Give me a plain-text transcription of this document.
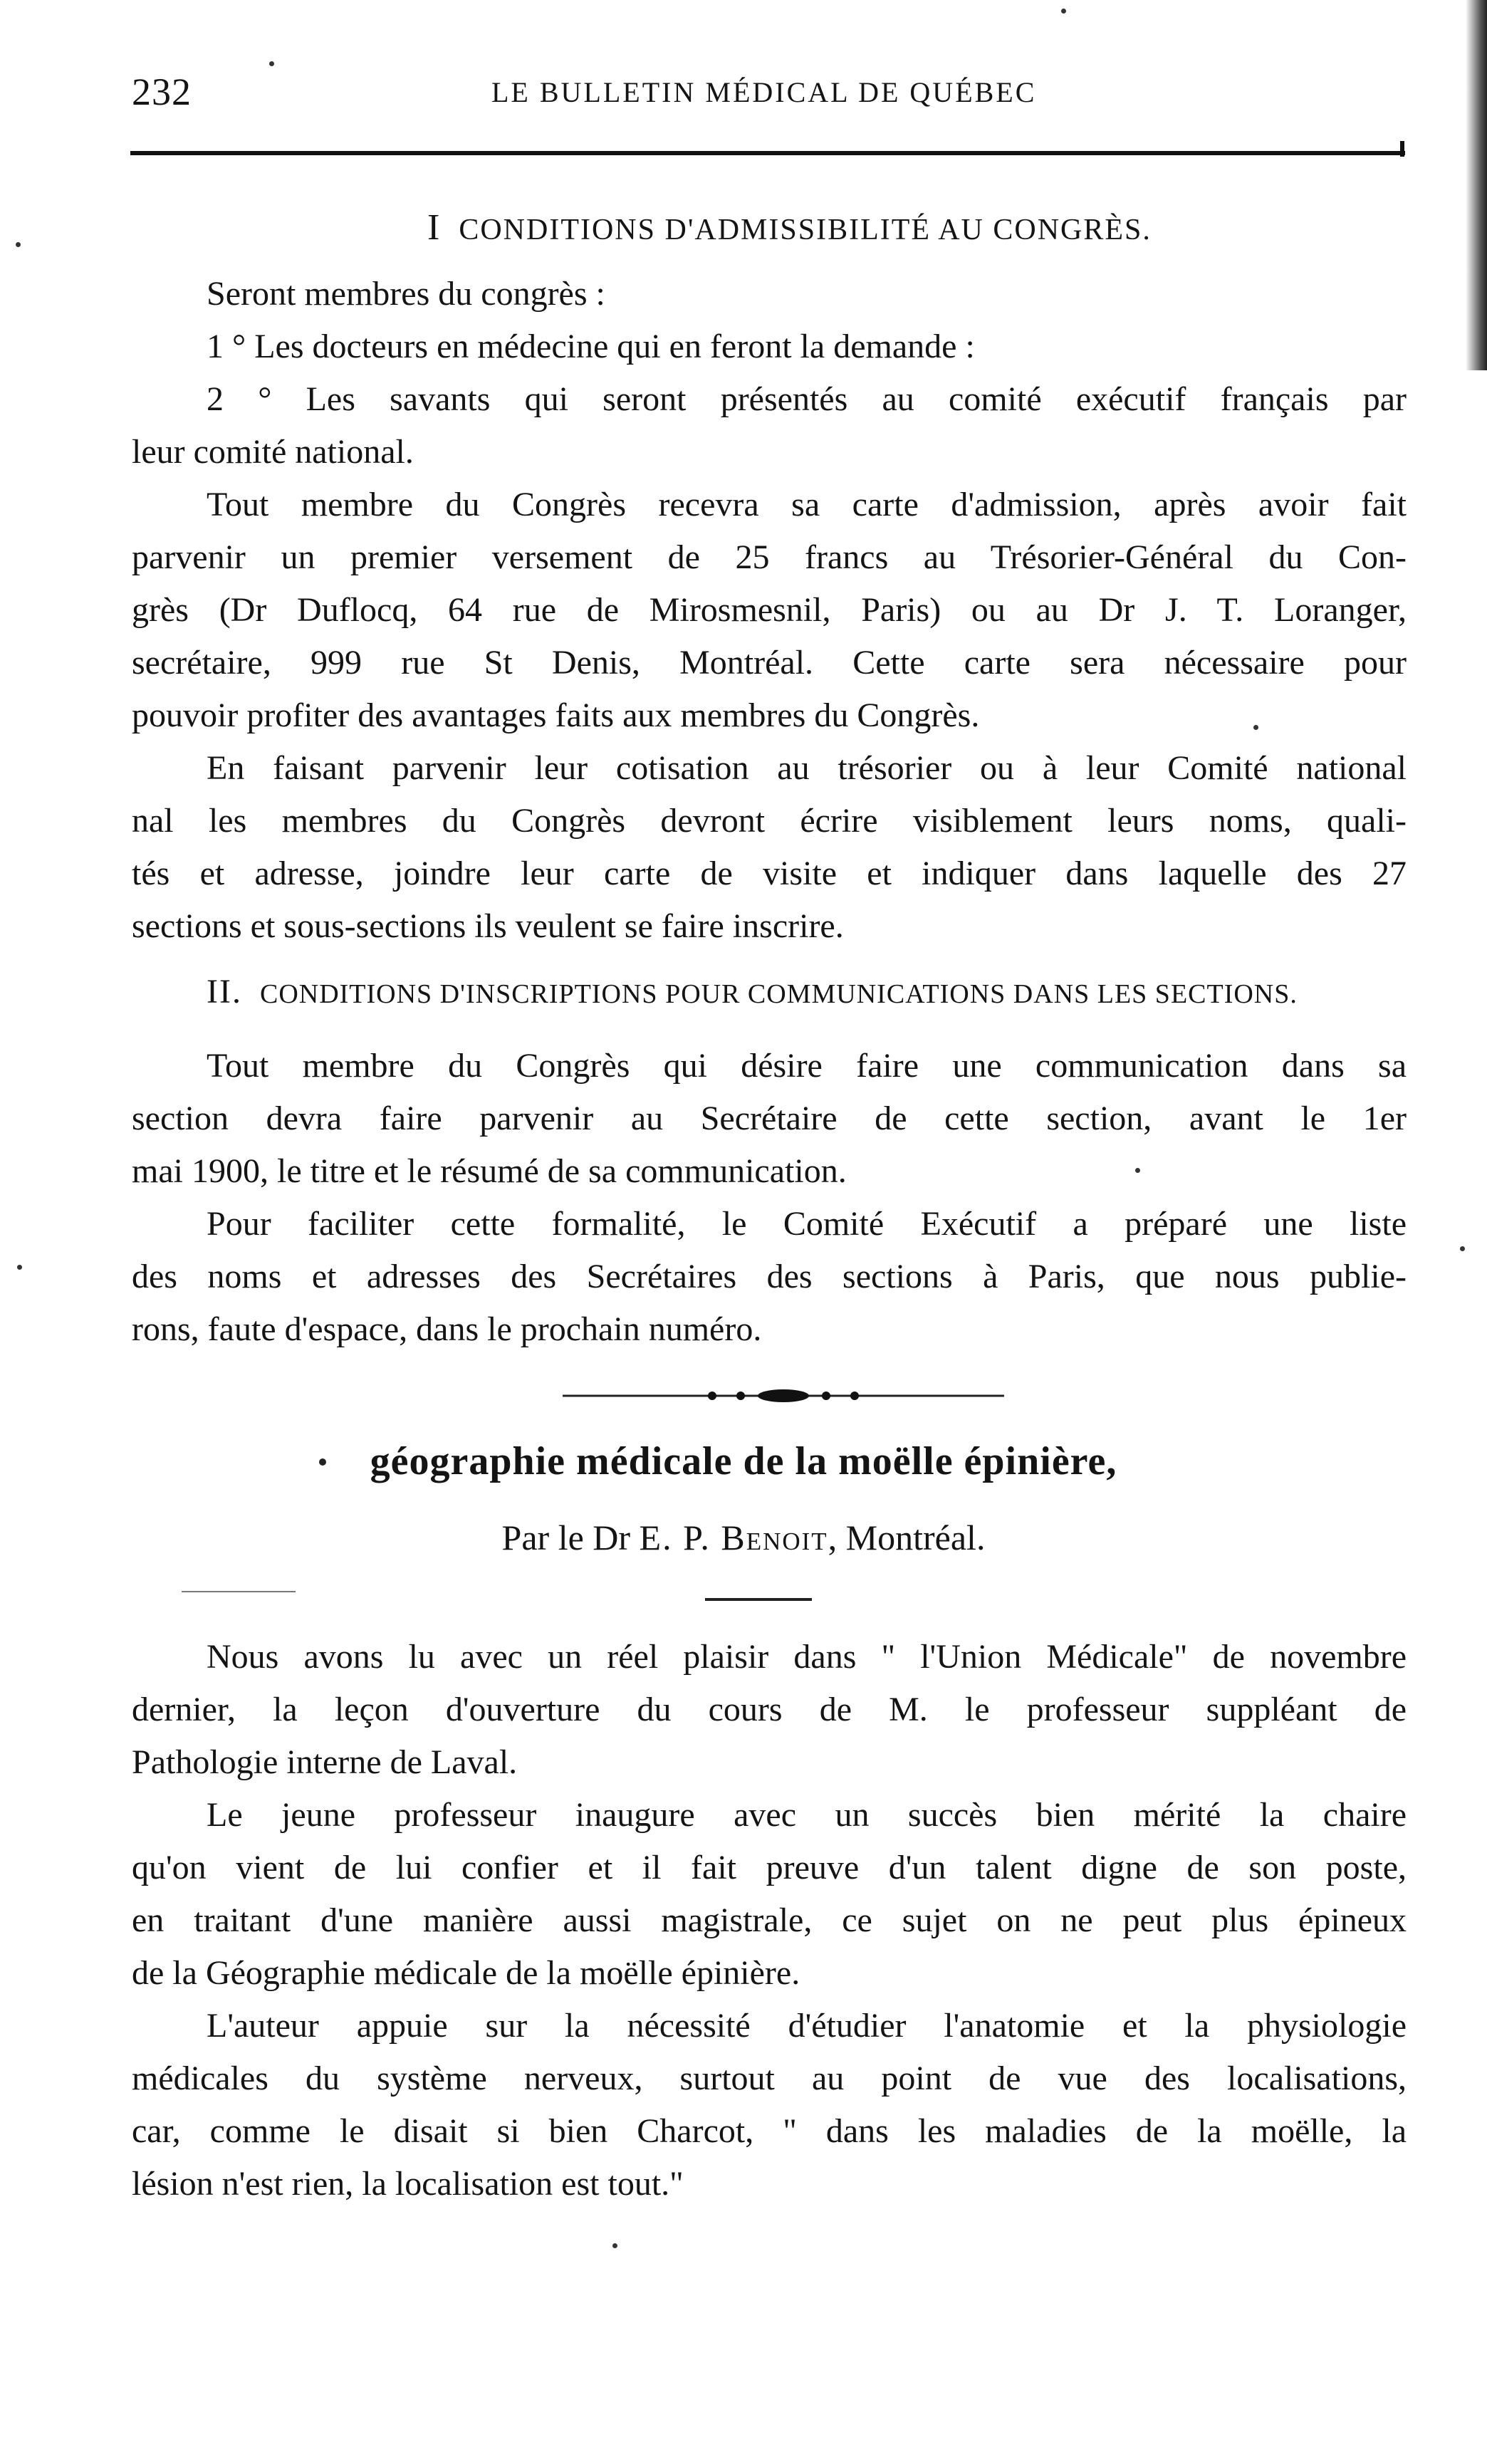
232	LE BULLETIN MÉDICAL DE QUÉBEC
I CONDITIONS D'ADMISSIBILITÉ AU CONGRÈS.
Seront membres du congrès :
1 ° Les docteurs en médecine qui en feront la demande :
2 ° Les savants qui seront présentés au comité exécutif français par
leur comité national.
Tout membre du Congrès recevra sa carte d'admission, après avoir fait
parvenir un premier versement de 25 francs au Trésorier-Général du Con-
grès (Dr Duflocq, 64 rue de Mirosmesnil, Paris) ou au Dr J. T. Loranger,
secrétaire, 999 rue St Denis, Montréal. Cette carte sera nécessaire pour
pouvoir profiter des avantages faits aux membres du Congrès.
En faisant parvenir leur cotisation au trésorier ou à leur Comité national
nal les membres du Congrès devront écrire visiblement leurs noms, quali-
tés et adresse, joindre leur carte de visite et indiquer dans laquelle des 27
sections et sous-sections ils veulent se faire inscrire.
II. CONDITIONS D'INSCRIPTIONS POUR COMMUNICATIONS DANS LES SECTIONS.
Tout membre du Congrès qui désire faire une communication dans sa
section devra faire parvenir au Secrétaire de cette section, avant le 1er
mai 1900, le titre et le résumé de sa communication.
Pour faciliter cette formalité, le Comité Exécutif a préparé une liste
des noms et adresses des Secrétaires des sections à Paris, que nous publie-
rons, faute d'espace, dans le prochain numéro.
géographie médicale de la moëlle épinière,
Par le Dr E. P. Benoit, Montréal.
Nous avons lu avec un réel plaisir dans " l'Union Médicale" de novembre
dernier, la leçon d'ouverture du cours de M. le professeur suppléant de
Pathologie interne de Laval.
Le jeune professeur inaugure avec un succès bien mérité la chaire
qu'on vient de lui confier et il fait preuve d'un talent digne de son poste,
en traitant d'une manière aussi magistrale, ce sujet on ne peut plus épineux
de la Géographie médicale de la moëlle épinière.
L'auteur appuie sur la nécessité d'étudier l'anatomie et la physiologie
médicales du système nerveux, surtout au point de vue des localisations,
car, comme le disait si bien Charcot, " dans les maladies de la moëlle, la
lésion n'est rien, la localisation est tout."
